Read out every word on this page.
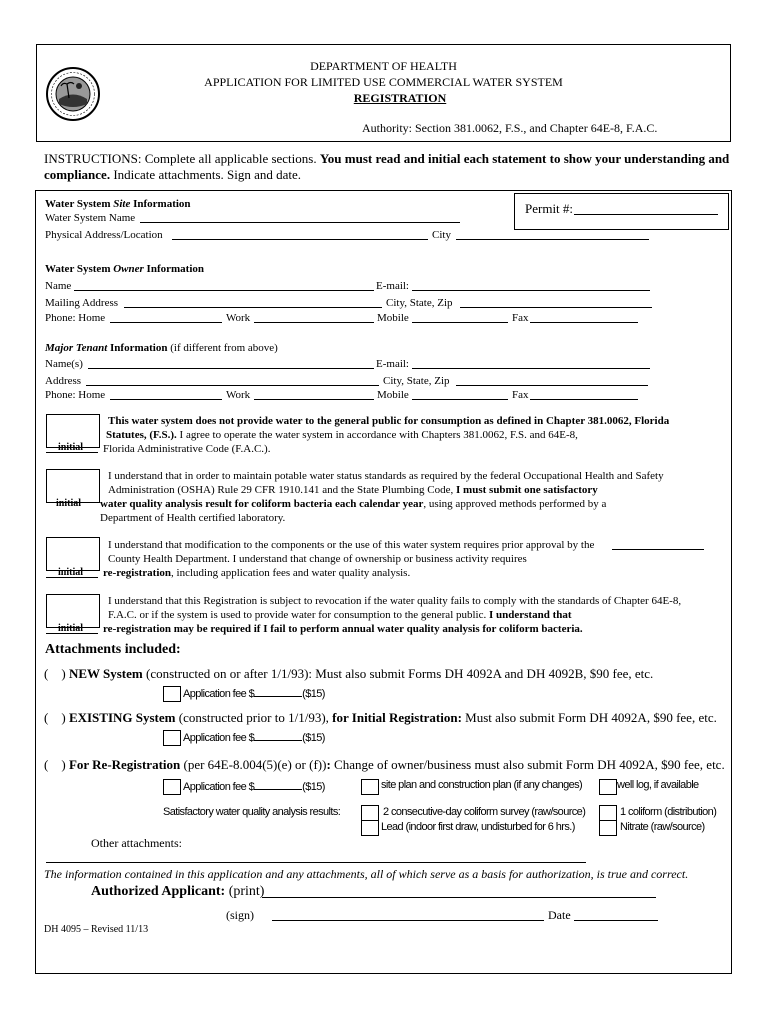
DEPARTMENT OF HEALTH
APPLICATION FOR LIMITED USE COMMERCIAL WATER SYSTEM
REGISTRATION
Authority: Section 381.0062, F.S., and Chapter 64E-8, F.A.C.
INSTRUCTIONS: Complete all applicable sections. You must read and initial each statement to show your understanding and
compliance. Indicate attachments. Sign and date.
Permit #:
Water System Site Information
Water System Name
Physical Address/Location	City
Water System Owner Information
Name	E-mail:
Mailing Address	City, State, Zip
Phone: Home	Work	Mobile	Fax
Major Tenant Information (if different from above)
Name(s)	E-mail:
Address	City, State, Zip
Phone: Home	Work	Mobile	Fax
initial
This water system does not provide water to the general public for consumption as defined in Chapter 381.0062, Florida
Statutes, (F.S.). I agree to operate the water system in accordance with Chapters 381.0062, F.S. and 64E-8,
Florida Administrative Code (F.A.C.).
initial
I understand that in order to maintain potable water status standards as required by the federal Occupational Health and Safety
Administration (OSHA) Rule 29 CFR 1910.141 and the State Plumbing Code, I must submit one satisfactory
water quality analysis result for coliform bacteria each calendar year, using approved methods performed by a
Department of Health certified laboratory.
initial
I understand that modification to the components or the use of this water system requires prior approval by the
County Health Department. I understand that change of ownership or business activity requires
re-registration, including application fees and water quality analysis.
initial
I understand that this Registration is subject to revocation if the water quality fails to comply with the standards of Chapter 64E-8,
F.A.C. or if the system is used to provide water for consumption to the general public. I understand that
re-registration may be required if I fail to perform annual water quality analysis for coliform bacteria.
Attachments included:
( ) NEW System (constructed on or after 1/1/93): Must also submit Forms DH 4092A and DH 4092B, $90 fee, etc.
Application fee $	($15)
( ) EXISTING System (constructed prior to 1/1/93), for Initial Registration: Must also submit Form DH 4092A, $90 fee, etc.
Application fee $	($15)
( ) For Re-Registration (per 64E-8.004(5)(e) or (f)): Change of owner/business must also submit Form DH 4092A, $90 fee, etc.
Application fee $	($15)	site plan and construction plan (if any changes)	well log, if available
Satisfactory water quality analysis results:	2 consecutive-day coliform survey (raw/source)	1 coliform (distribution)
Lead (indoor first draw, undisturbed for 6 hrs.)	Nitrate (raw/source)
Other attachments:
The information contained in this application and any attachments, all of which serve as a basis for authorization, is true and correct.
Authorized Applicant: (print)
(sign)	Date
DH 4095 – Revised 11/13
